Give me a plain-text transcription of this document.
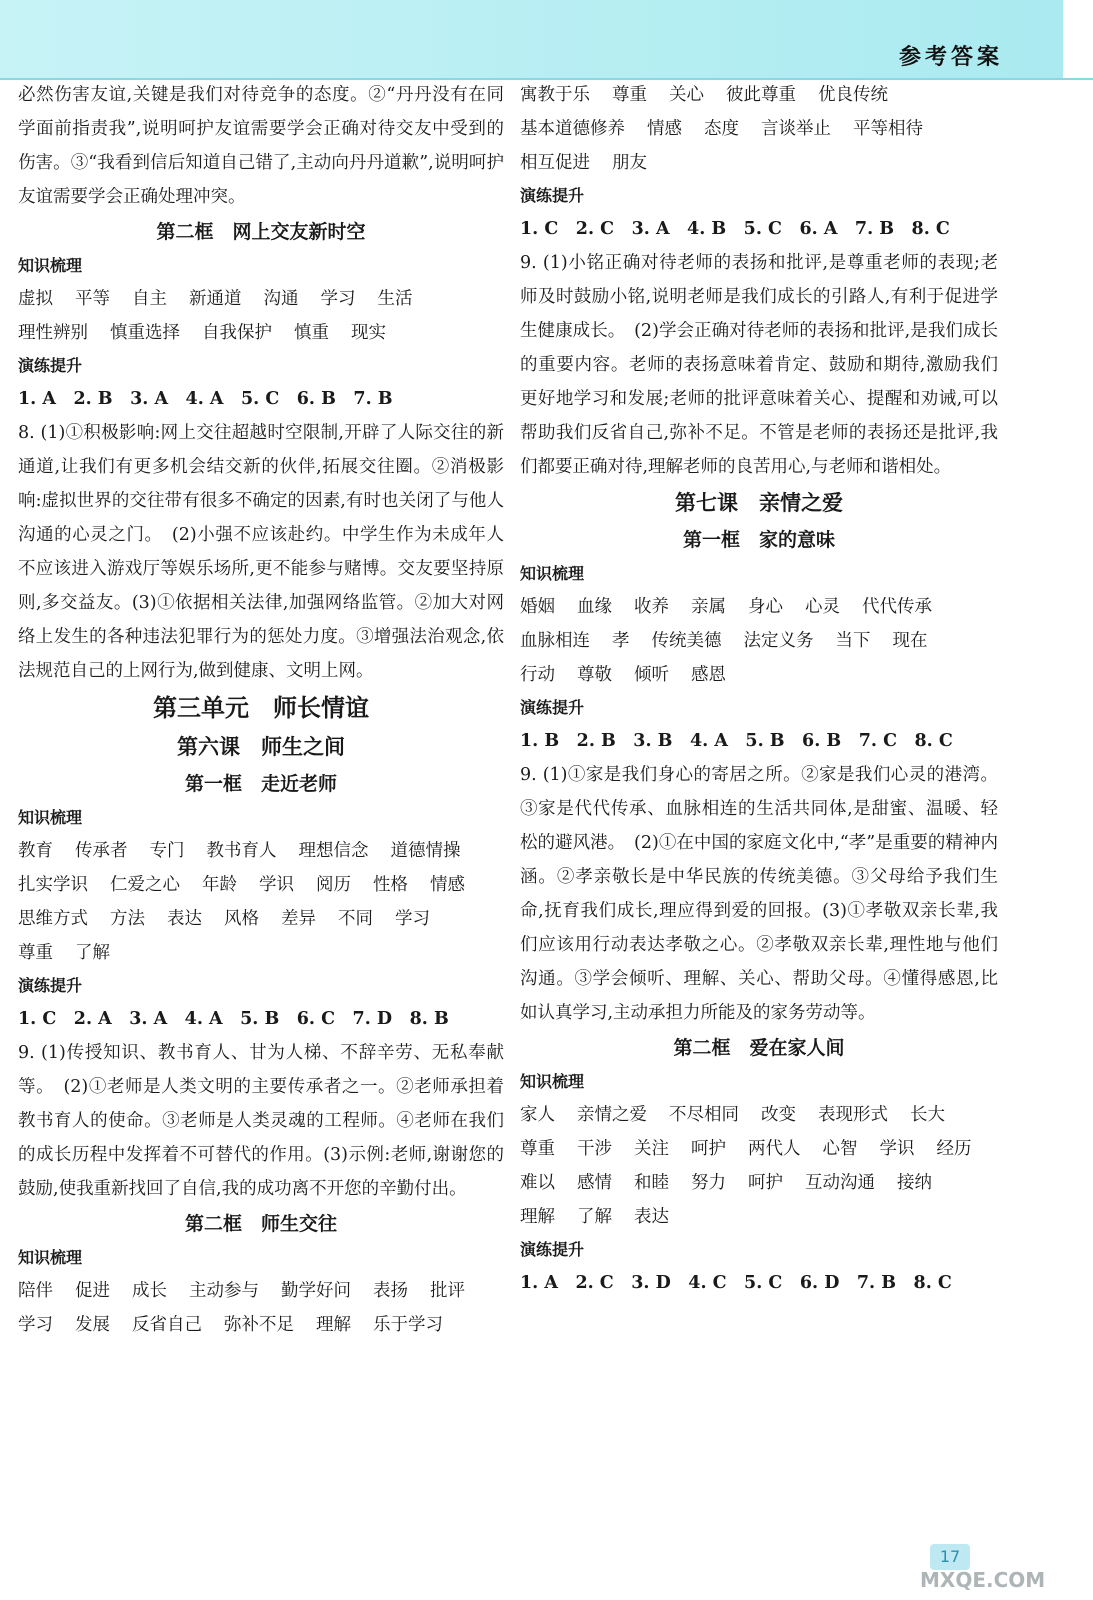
参考答案

必然伤害友谊,关键是我们对待竞争的态度。②“丹丹没有在同学面前指责我”,说明呵护友谊需要学会正确对待交友中受到的伤害。③“我看到信后知道自己错了,主动向丹丹道歉”,说明呵护友谊需要学会正确处理冲突。

第二框　网上交友新时空

知识梳理

虚拟 平等 自主 新通道 沟通 学习 生活
理性辨别 慎重选择 自我保护 慎重 现实

演练提升

1. A　2. B　3. A　4. A　5. C　6. B　7. B

8. (1)①积极影响:网上交往超越时空限制,开辟了人际交往的新通道,让我们有更多机会结交新的伙伴,拓展交往圈。②消极影响:虚拟世界的交往带有很多不确定的因素,有时也关闭了与他人沟通的心灵之门。　(2)小强不应该赴约。中学生作为未成年人不应该进入游戏厅等娱乐场所,更不能参与赌博。交友要坚持原则,多交益友。(3)①依据相关法律,加强网络监管。②加大对网络上发生的各种违法犯罪行为的惩处力度。③增强法治观念,依法规范自己的上网行为,做到健康、文明上网。

第三单元　师长情谊

第六课　师生之间

第一框　走近老师

知识梳理

教育 传承者 专门 教书育人 理想信念 道德情操
扎实学识 仁爱之心 年龄 学识 阅历 性格 情感
思维方式 方法 表达 风格 差异 不同 学习
尊重 了解

演练提升

1. C　2. A　3. A　4. A　5. B　6. C　7. D　8. B

9. (1)传授知识、教书育人、甘为人梯、不辞辛劳、无私奉献等。　(2)①老师是人类文明的主要传承者之一。②老师承担着教书育人的使命。③老师是人类灵魂的工程师。④老师在我们的成长历程中发挥着不可替代的作用。(3)示例:老师,谢谢您的鼓励,使我重新找回了自信,我的成功离不开您的辛勤付出。

第二框　师生交往

知识梳理

陪伴 促进 成长 主动参与 勤学好问 表扬 批评
学习 发展 反省自己 弥补不足 理解 乐于学习
寓教于乐 尊重 关心 彼此尊重 优良传统
基本道德修养 情感 态度 言谈举止 平等相待
相互促进 朋友

演练提升

1. C　2. C　3. A　4. B　5. C　6. A　7. B　8. C

9. (1)小铭正确对待老师的表扬和批评,是尊重老师的表现;老师及时鼓励小铭,说明老师是我们成长的引路人,有利于促进学生健康成长。　(2)学会正确对待老师的表扬和批评,是我们成长的重要内容。老师的表扬意味着肯定、鼓励和期待,激励我们更好地学习和发展;老师的批评意味着关心、提醒和劝诫,可以帮助我们反省自己,弥补不足。不管是老师的表扬还是批评,我们都要正确对待,理解老师的良苦用心,与老师和谐相处。

第七课　亲情之爱

第一框　家的意味

知识梳理

婚姻 血缘 收养 亲属 身心 心灵 代代传承
血脉相连 孝 传统美德 法定义务 当下 现在
行动 尊敬 倾听 感恩

演练提升

1. B　2. B　3. B　4. A　5. B　6. B　7. C　8. C

9. (1)①家是我们身心的寄居之所。②家是我们心灵的港湾。③家是代代传承、血脉相连的生活共同体,是甜蜜、温暖、轻松的避风港。　(2)①在中国的家庭文化中,“孝”是重要的精神内涵。②孝亲敬长是中华民族的传统美德。③父母给予我们生命,抚育我们成长,理应得到爱的回报。(3)①孝敬双亲长辈,我们应该用行动表达孝敬之心。②孝敬双亲长辈,理性地与他们沟通。③学会倾听、理解、关心、帮助父母。④懂得感恩,比如认真学习,主动承担力所能及的家务劳动等。

第二框　爱在家人间

知识梳理

家人 亲情之爱 不尽相同 改变 表现形式 长大
尊重 干涉 关注 呵护 两代人 心智 学识 经历
难以 感情 和睦 努力 呵护 互动沟通 接纳
理解 了解 表达

演练提升

1. A　2. C　3. D　4. C　5. C　6. D　7. B　8. C

17
MXQE.COM
